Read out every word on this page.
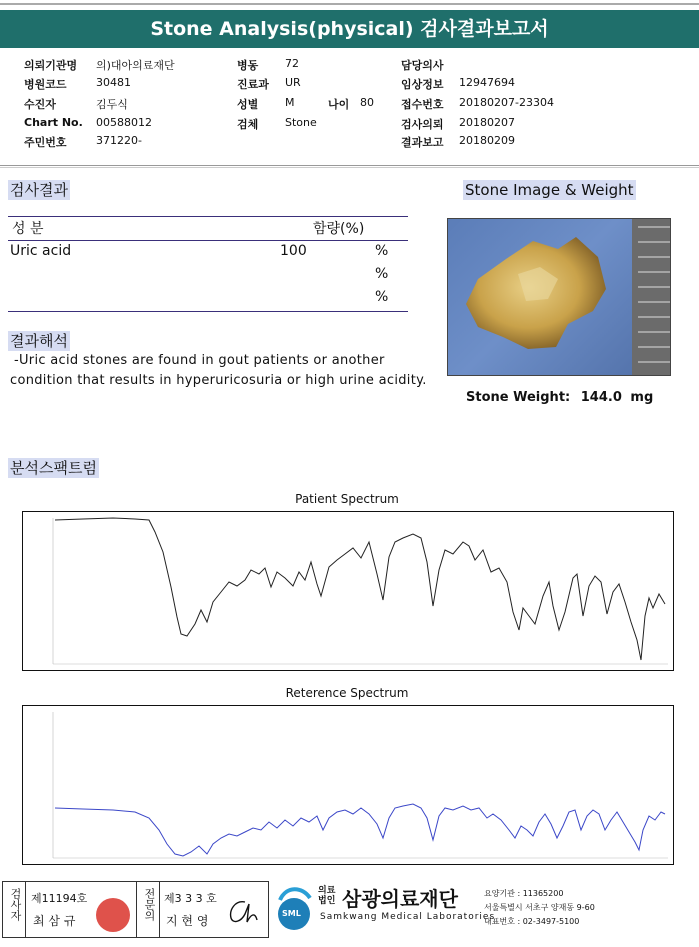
Stone Analysis(physical) 검사결과보고서
의뢰기관명 의)대아의료재단
병원코드	30481
수진자	김두식
Chart No. 00588012
주민번호	371220-
병동 72
진료과 UR
성별 M	나이 80
검체 Stone
담당의사
임상정보 12947694
접수번호 20180207-23304
검사의뢰 20180207
결과보고 20180209
검사결과
성 분	함량(%)
Uric acid	100	%
%
%
결과해석
-Uric acid stones are found in gout patients or another
condition that results in hyperuricosuria or high urine acidity.
Stone Image & Weight
Stone Weight: 144.0 mg
분석스팩트럼
Patient Spectrum
Reterence Spectrum
검사자 제11194호
최 삼 규	전문의 제3 3 3 호
지 현 영
SML
의료
법인 삼광의료재단
Samkwang Medical Laboratories
요양기관 : 11365200
서울특별시 서초구 양재동 9-60
대표번호 : 02-3497-5100
